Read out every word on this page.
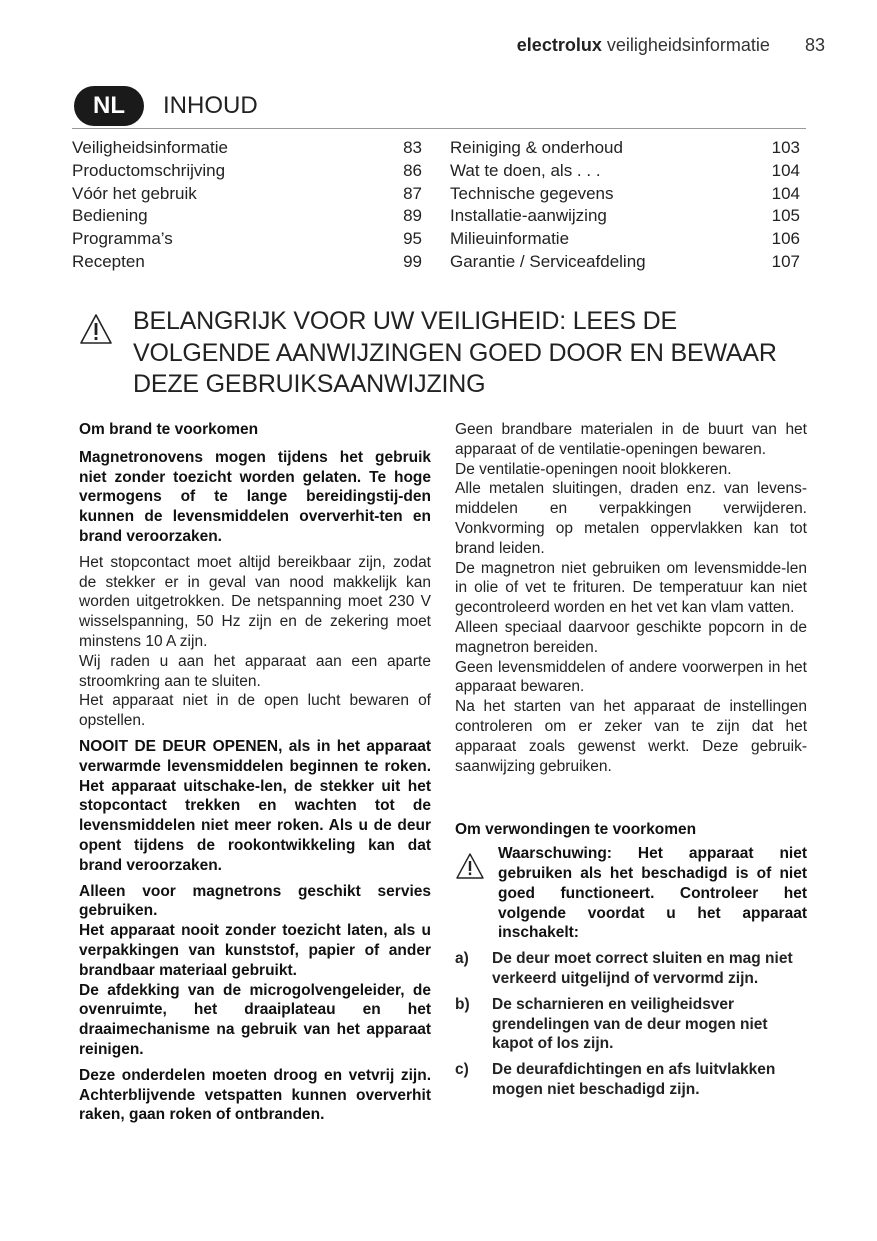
electrolux veiligheidsinformatie 83
NL	INHOUD
Veiligheidsinformatie	83
Productomschrijving	86
Vóór het gebruik	87
Bediening	89
Programma’s	95
Recepten	99
Reiniging & onderhoud	103
Wat te doen, als . . .	104
Technische gegevens	104
Installatie-aanwijzing	105
Milieuinformatie	106
Garantie / Serviceafdeling	107
BELANGRIJK VOOR UW VEILIGHEID: LEES DE
VOLGENDE AANWIJZINGEN GOED DOOR EN BEWAAR
DEZE GEBRUIKSAANWIJZING

Om brand te voorkomen

Magnetronovens mogen tijdens het gebruik niet zonder toezicht worden gelaten. Te hoge vermogens of te lange bereidingstij-den kunnen de levensmiddelen oververhit-ten en brand veroorzaken.

Het stopcontact moet altijd bereikbaar zijn, zodat de stekker er in geval van nood makkelijk kan worden uitgetrokken. De netspanning moet 230 V wisselspanning, 50 Hz zijn en de zekering moet minstens 10 A zijn.

Wij raden u aan het apparaat aan een aparte stroomkring aan te sluiten.

Het apparaat niet in de open lucht bewaren of opstellen.

NOOIT DE DEUR OPENEN, als in het apparaat verwarmde levensmiddelen beginnen te roken. Het apparaat uitschake-len, de stekker uit het stopcontact trekken en wachten tot de levensmiddelen niet meer roken. Als u de deur opent tijdens de rookontwikkeling kan dat brand veroorzaken.

Alleen voor magnetrons geschikt servies gebruiken.

Het apparaat nooit zonder toezicht laten, als u verpakkingen van kunststof, papier of ander brandbaar materiaal gebruikt.

De afdekking van de microgolvengeleider, de ovenruimte, het draaiplateau en het draaimechanisme na gebruik van het apparaat reinigen.

Deze onderdelen moeten droog en vetvrij zijn. Achterblijvende vetspatten kunnen oververhit raken, gaan roken of ontbranden.

Geen brandbare materialen in de buurt van het apparaat of de ventilatie-openingen bewaren.

De ventilatie-openingen nooit blokkeren.

Alle metalen sluitingen, draden enz. van levens-middelen en verpakkingen verwijderen. Vonkvorming op metalen oppervlakken kan tot brand leiden.

De magnetron niet gebruiken om levensmidde-len in olie of vet te frituren. De temperatuur kan niet gecontroleerd worden en het vet kan vlam vatten.

Alleen speciaal daarvoor geschikte popcorn in de magnetron bereiden.

Geen levensmiddelen of andere voorwerpen in het apparaat bewaren.

Na het starten van het apparaat de instellingen controleren om er zeker van te zijn dat het apparaat zoals gewenst werkt. Deze gebruik-saanwijzing gebruiken.

Om verwondingen te voorkomen

Waarschuwing: Het apparaat niet gebruiken als het beschadigd is of niet goed functioneert. Controleer het volgende voordat u het apparaat inschakelt:

a)	De deur moet correct sluiten en mag niet verkeerd uitgelijnd of vervormd zijn.
b)	De scharnieren en veiligheidsver grendelingen van de deur mogen niet kapot of los zijn.
c)	De deurafdichtingen en afs luitvlakken mogen niet beschadigd zijn.
